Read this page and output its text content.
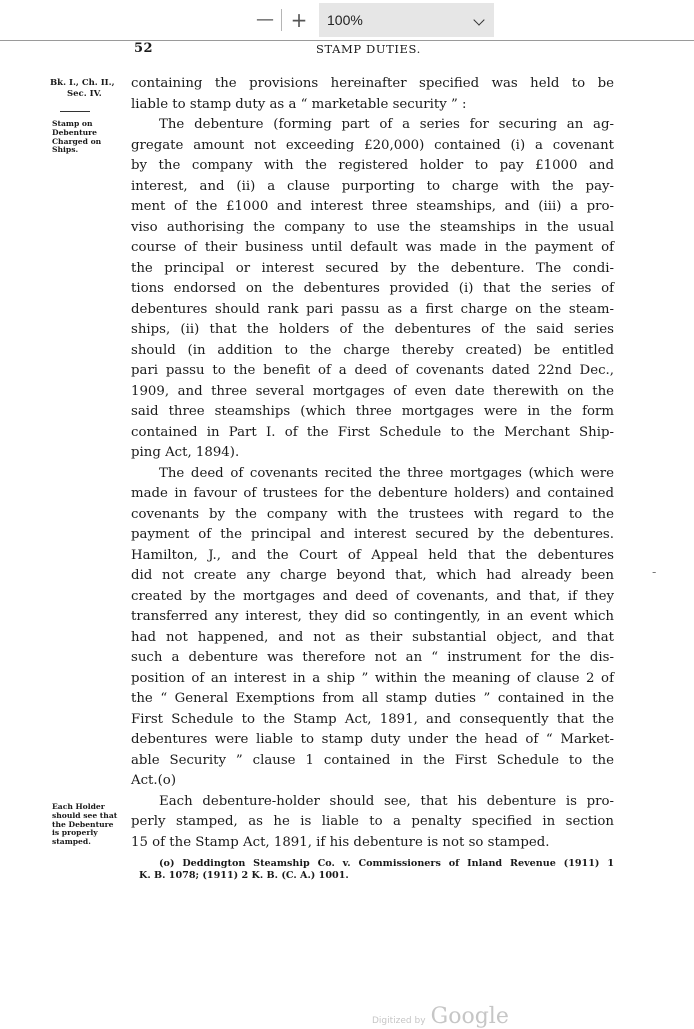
— +	100%
52	STAMP DUTIES.
Bk. I., Ch. II.,
Sec. IV.
Stamp on
Debenture
Charged on
Ships.
Each Holder
should see that
the Debenture
is properly
stamped.
containing the provisions hereinafter specified was held to be
liable to stamp duty as a “ marketable security ” :
The debenture (forming part of a series for securing an ag-
gregate amount not exceeding £20,000) contained (i) a covenant
by the company with the registered holder to pay £1000 and
interest, and (ii) a clause purporting to charge with the pay-
ment of the £1000 and interest three steamships, and (iii) a pro-
viso authorising the company to use the steamships in the usual
course of their business until default was made in the payment of
the principal or interest secured by the debenture. The condi-
tions endorsed on the debentures provided (i) that the series of
debentures should rank pari passu as a first charge on the steam-
ships, (ii) that the holders of the debentures of the said series
should (in addition to the charge thereby created) be entitled
pari passu to the benefit of a deed of covenants dated 22nd Dec.,
1909, and three several mortgages of even date therewith on the
said three steamships (which three mortgages were in the form
contained in Part I. of the First Schedule to the Merchant Ship-
ping Act, 1894).
The deed of covenants recited the three mortgages (which were
made in favour of trustees for the debenture holders) and contained
covenants by the company with the trustees with regard to the
payment of the principal and interest secured by the debentures.
Hamilton, J., and the Court of Appeal held that the debentures
did not create any charge beyond that, which had already been
created by the mortgages and deed of covenants, and that, if they
transferred any interest, they did so contingently, in an event which
had not happened, and not as their substantial object, and that
such a debenture was therefore not an “ instrument for the dis-
position of an interest in a ship ” within the meaning of clause 2 of
the “ General Exemptions from all stamp duties ” contained in the
First Schedule to the Stamp Act, 1891, and consequently that the
debentures were liable to stamp duty under the head of “ Market-
able Security ” clause 1 contained in the First Schedule to the
Act.(o)
Each debenture-holder should see, that his debenture is pro-
perly stamped, as he is liable to a penalty specified in section
15 of the Stamp Act, 1891, if his debenture is not so stamped.
(o) Deddington Steamship Co. v. Commissioners of Inland Revenue (1911) 1
K. B. 1078; (1911) 2 K. B. (C. A.) 1001.
-
Digitized by Google
